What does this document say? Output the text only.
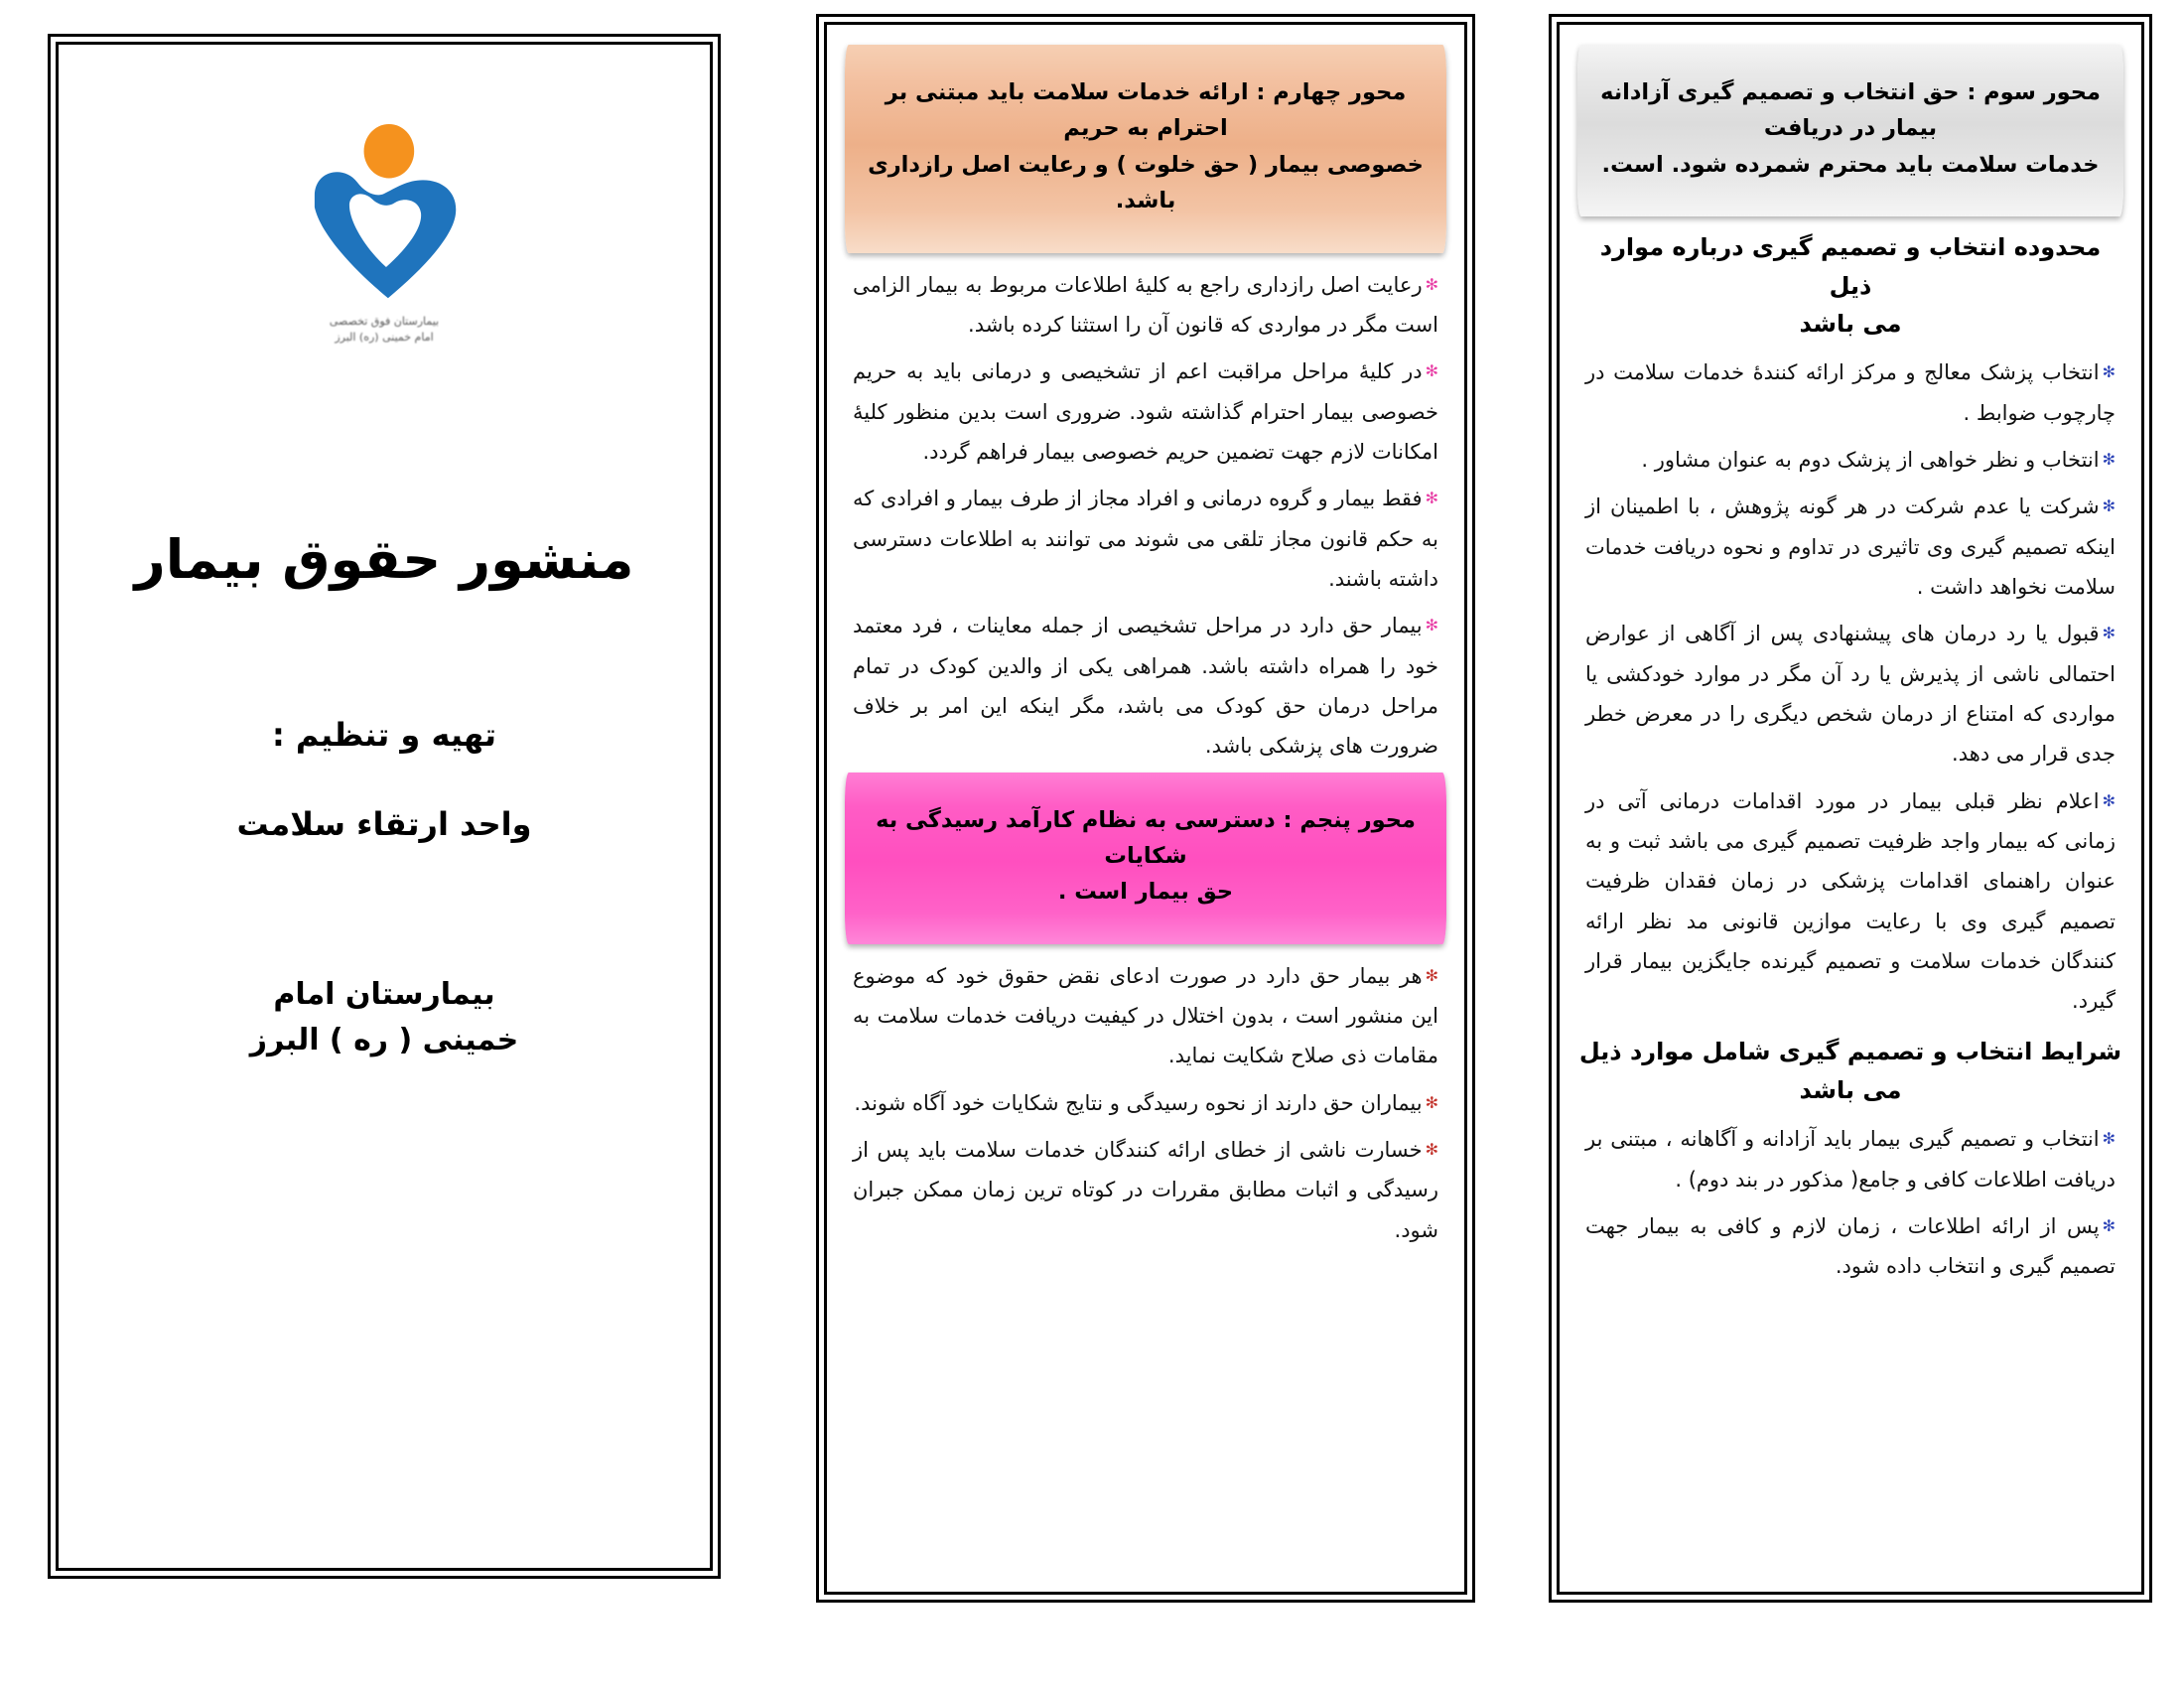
محور سوم : حق انتخاب و تصمیم گیری آزادانه بیمار در دریافت
خدمات سلامت باید محترم شمرده شود. است.
محدوده انتخاب و تصمیم گیری درباره موارد ذیل
می باشد

✻انتخاب پزشک معالج و مرکز ارائه کنندۀ خدمات سلامت در چارچوب ضوابط .

✻انتخاب و نظر خواهی از پزشک دوم به عنوان مشاور .

✻شرکت یا عدم شرکت در هر گونه پژوهش ، با اطمینان از اینکه تصمیم گیری وی تاثیری در تداوم و نحوه دریافت خدمات سلامت نخواهد داشت .

✻قبول یا رد درمان های پیشنهادی پس از آگاهی از عوارض احتمالی ناشی از پذیرش یا رد آن مگر در موارد خودکشی یا مواردی که امتناع از درمان شخص دیگری را در معرض خطر جدی قرار می دهد.

✻اعلام نظر قبلی بیمار در مورد اقدامات درمانی آتی در زمانی که بیمار واجد ظرفیت تصمیم گیری می باشد ثبت و به عنوان راهنمای اقدامات پزشکی در زمان فقدان ظرفیت تصمیم گیری وی با رعایت موازین قانونی مد نظر ارائه کنندگان خدمات سلامت و تصمیم گیرنده جایگزین بیمار قرار گیرد.

شرایط انتخاب و تصمیم گیری شامل موارد ذیل
می باشد

✻انتخاب و تصمیم گیری بیمار باید آزادانه و آگاهانه ، مبتنی بر دریافت اطلاعات کافی و جامع( مذکور در بند دوم) .

✻پس از ارائه اطلاعات ، زمان لازم و کافی به بیمار جهت تصمیم گیری و انتخاب داده شود.

محور چهارم : ارائه خدمات سلامت باید مبتنی بر احترام به حریم
خصوصی بیمار ( حق خلوت ) و رعایت اصل رازداری باشد.

✻رعایت اصل رازداری راجع به کلیۀ اطلاعات مربوط به بیمار الزامی است مگر در مواردی که قانون آن را استثنا کرده باشد.

✻در کلیۀ مراحل مراقبت اعم از تشخیصی و درمانی باید به حریم خصوصی بیمار احترام گذاشته شود. ضروری است بدین منظور کلیۀ امکانات لازم جهت تضمین حریم خصوصی بیمار فراهم گردد.

✻فقط بیمار و گروه درمانی و افراد مجاز از طرف بیمار و افرادی که به حکم قانون مجاز تلقی می شوند می توانند به اطلاعات دسترسی داشته باشند.

✻بیمار حق دارد در مراحل تشخیصی از جمله معاینات ، فرد معتمد خود را همراه داشته باشد. همراهی یکی از والدین کودک در تمام مراحل درمان حق کودک می باشد، مگر اینکه این امر بر خلاف ضرورت های پزشکی باشد.

محور پنجم : دسترسی به نظام کارآمد رسیدگی به شکایات
حق بیمار است .

✻هر بیمار حق دارد در صورت ادعای نقض حقوق خود که موضوع این منشور است ، بدون اختلال در کیفیت دریافت خدمات سلامت به مقامات ذی صلاح شکایت نماید.

✻بیماران حق دارند از نحوه رسیدگی و نتایج شکایات خود آگاه شوند.

✻خسارت ناشی از خطای ارائه کنندگان خدمات سلامت باید پس از رسیدگی و اثبات مطابق مقررات در کوتاه ترین زمان ممکن جبران شود.

بیمارستان فوق تخصصی
امام خمینی (ره) البرز
منشور حقوق بیمار
تهیه و تنظیم :
واحد ارتقاء سلامت
بیمارستان امام
خمینی ( ره ) البرز
